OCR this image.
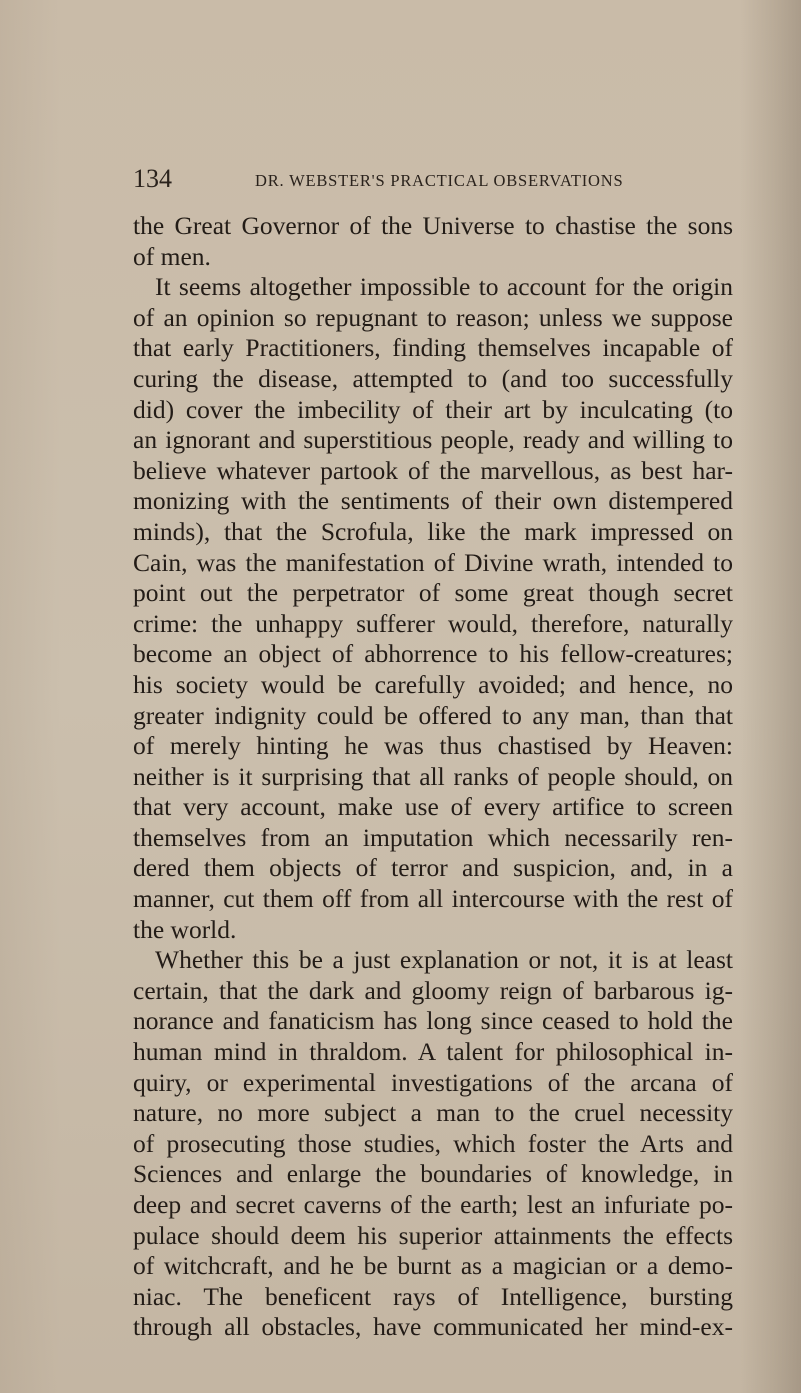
134	DR. WEBSTER'S PRACTICAL OBSERVATIONS
the Great Governor of the Universe to chastise the sons
of men.
It seems altogether impossible to account for the origin
of an opinion so repugnant to reason; unless we suppose
that early Practitioners, finding themselves incapable of
curing the disease, attempted to (and too successfully
did) cover the imbecility of their art by inculcating (to
an ignorant and superstitious people, ready and willing to
believe whatever partook of the marvellous, as best har-
monizing with the sentiments of their own distempered
minds), that the Scrofula, like the mark impressed on
Cain, was the manifestation of Divine wrath, intended to
point out the perpetrator of some great though secret
crime: the unhappy sufferer would, therefore, naturally
become an object of abhorrence to his fellow-creatures;
his society would be carefully avoided; and hence, no
greater indignity could be offered to any man, than that
of merely hinting he was thus chastised by Heaven:
neither is it surprising that all ranks of people should, on
that very account, make use of every artifice to screen
themselves from an imputation which necessarily ren-
dered them objects of terror and suspicion, and, in a
manner, cut them off from all intercourse with the rest of
the world.
Whether this be a just explanation or not, it is at least
certain, that the dark and gloomy reign of barbarous ig-
norance and fanaticism has long since ceased to hold the
human mind in thraldom. A talent for philosophical in-
quiry, or experimental investigations of the arcana of
nature, no more subject a man to the cruel necessity
of prosecuting those studies, which foster the Arts and
Sciences and enlarge the boundaries of knowledge, in
deep and secret caverns of the earth; lest an infuriate po-
pulace should deem his superior attainments the effects
of witchcraft, and he be burnt as a magician or a demo-
niac. The beneficent rays of Intelligence, bursting
through all obstacles, have communicated her mind-ex-
